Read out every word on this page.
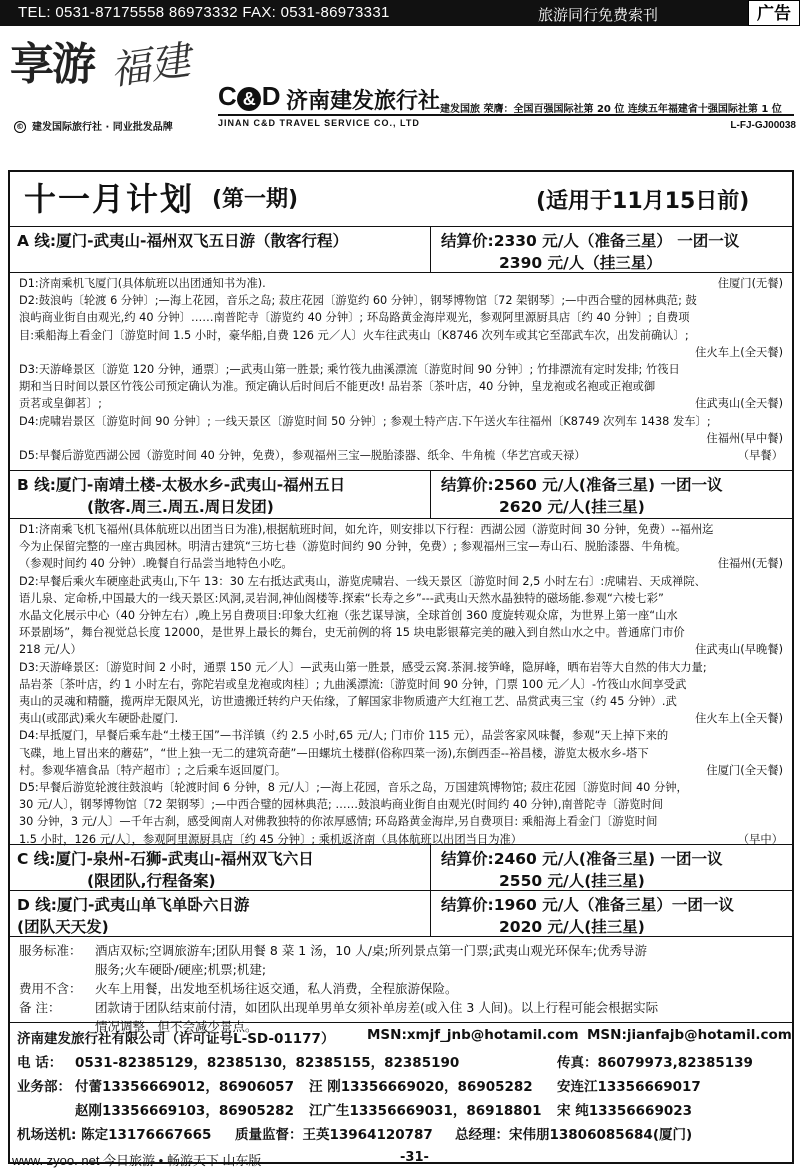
TEL: 0531-87175558 86973332 FAX: 0531-86973331	旅游同行免费索刊	广告
享游 福建
C & D 济南建发旅行社 建发国旅 荣膺：全国百强国际社第 20 位 连续五年福建省十强国际社第 1 位
JINAN C&D TRAVEL SERVICE CO., LTD
© 建发国际旅行社 · 同业批发品牌	L-FJ-GJ00038
十一月计划 (第一期)	(适用于11月15日前)
A 线:厦门-武夷山-福州双飞五日游（散客行程）	结算价:2330 元/人（准备三星） 一团一议
2390 元/人（挂三星）
D1:济南乘机飞厦门(具体航班以出团通知书为准).	住厦门(无餐)
D2:鼓浪屿〔轮渡 6 分钟〕;—海上花园，音乐之岛; 菽庄花园〔游览约 60 分钟〕，钢琴博物馆〔72 架钢琴〕;—中西合璧的园林典范; 鼓
浪屿商业街自由观光,约 40 分钟〕……南普陀寺〔游览约 40 分钟〕; 环岛路黄金海岸观光，参观阿里源厨具店〔约 40 分钟〕; 自费项
目:乘船海上看金门〔游览时间 1.5 小时，豪华船,自费 126 元／人〕火车往武夷山〔K8746 次列车或其它至邵武车次，出发前确认〕;
住火车上(全天餐)
D3:天游峰景区〔游览 120 分钟，通票〕;—武夷山第一胜景; 乘竹筏九曲溪漂流〔游览时间 90 分钟〕; 竹排漂流有定时发排; 竹筏日
期和当日时间以景区竹筏公司预定确认为准。预定确认后时间后不能更改! 品岩茶〔茶叶店，40 分钟，皇龙袍或名袍或正袍或御
贡茗或皇御茗〕;	住武夷山(全天餐)
D4:虎啸岩景区〔游览时间 90 分钟〕; 一线天景区〔游览时间 50 分钟〕; 参观土特产店.下午送火车往福州〔K8749 次列车 1438 发车〕;
住福州(早中餐)
D5:早餐后游览西湖公园（游览时间 40 分钟，免费），参观福州三宝—脱胎漆器、纸伞、牛角梳（华艺宫或天禄）	（早餐）
B 线:厦门-南靖土楼-太极水乡-武夷山-福州五日
(散客.周三.周五.周日发团)
结算价:2560 元/人(准备三星) 一团一议
2620 元/人(挂三星)
D1:济南乘飞机飞福州(具体航班以出团当日为准),根据航班时间，如允许，则安排以下行程：西湖公园（游览时间 30 分钟，免费）--福州迄
今为止保留完整的一座古典园林。明清古建筑“三坊七巷（游览时间约 90 分钟，免费）; 参观福州三宝—寿山石、脱胎漆器、牛角梳。
（参观时间约 40 分钟）.晚餐自行品尝当地特色小吃。	住福州(无餐)
D2:早餐后乘火车硬座赴武夷山,下午 13：30 左右抵达武夷山，游览虎啸岩、一线天景区〔游览时间 2,5 小时左右〕:虎啸岩、天成禅院、
语儿泉、定命桥,中国最大的一线天景区:风洞,灵岩洞,神仙阁楼等.探索“长寿之乡”---武夷山天然水晶独特的磁场能.参观“六棱七彩”
水晶文化展示中心（40 分钟左右）,晚上另自费项目:印象大红袍（张艺谋导演，全球首创 360 度旋转观众席，为世界上第一座“山水
环景剧场”，舞台视觉总长度 12000，是世界上最长的舞台，史无前例的将 15 块电影银幕完美的融入到自然山水之中。普通席门市价
218 元/人）	住武夷山(早晚餐)
D3:天游峰景区:〔游览时间 2 小时，通票 150 元／人〕—武夷山第一胜景，感受云窝.茶洞.接笋峰，隐屏峰，晒布岩等大自然的伟大力量;
品岩茶〔茶叶店，约 1 小时左右，弥陀岩或皇龙袍或肉桂〕; 九曲溪漂流:〔游览时间 90 分钟，门票 100 元／人〕-竹筏山水间享受武
夷山的灵魂和精髓，揽两岸无限风光，访世遗搬迁转约户天佑缘，了解国家非物质遗产大红袍工艺、品赏武夷三宝（约 45 分钟）.武
夷山(或邵武)乘火车硬卧赴厦门.	住火车上(全天餐)
D4:早抵厦门，早餐后乘车赴“土楼王国”—书洋镇（约 2.5 小时,65 元/人; 门市价 115 元），品尝客家风味餐，参观“天上掉下来的
飞碟，地上冒出来的蘑菇”，“世上独一无二的建筑奇葩”—田螺坑土楼群(俗称四菜一汤),东倒西歪--裕昌楼，游览太极水乡-塔下
村。参观华禧食品〔特产超市〕; 之后乘车返回厦门。	住厦门(全天餐)
D5:早餐后游览轮渡往鼓浪屿〔轮渡时间 6 分钟，8 元/人〕;—海上花园，音乐之岛，万国建筑博物馆; 菽庄花园〔游览时间 40 分钟，
30 元/人〕，钢琴博物馆〔72 架钢琴〕;—中西合璧的园林典范; ……鼓浪屿商业街自由观光(时间约 40 分钟),南普陀寺〔游览时间
30 分钟，3 元/人〕—千年古刹，感受闽南人对佛教独特的你浓厚感情; 环岛路黄金海岸,另自费项目: 乘船海上看金门〔游览时间
1.5 小时，126 元/人〕，参观阿里源厨具店〔约 45 分钟〕; 乘机返济南（具体航班以出团当日为准）	（早中）
C 线:厦门-泉州-石狮-武夷山-福州双飞六日
(限团队,行程备案)
结算价:2460 元/人(准备三星) 一团一议
2550 元/人(挂三星)
D 线:厦门-武夷山单飞单卧六日游
(团队天天发)
结算价:1960 元/人（准备三星）一团一议
2020 元/人(挂三星)
服务标准： 酒店双标;空调旅游车;团队用餐 8 菜 1 汤，10 人/桌;所列景点第一门票;武夷山观光环保车;优秀导游
服务;火车硬卧/硬座;机票;机建;
费用不含： 火车上用餐，出发地至机场往返交通，私人消费，全程旅游保险。
备 注：	团款请于团队结束前付清，如团队出现单男单女须补单房差(或入住 3 人间)。以上行程可能会根据实际
情况调整，但不会减少景点。
济南建发旅行社有限公司（许可证号L-SD-01177） MSN:xmjf_jnb@hotamil.com MSN:jianfajb@hotamil.com
电 话： 0531-82385129，82385130，82385155，82385190	传真：86079973,82385139
业务部： 付蕾13356669012，86906057 汪 刚13356669020，86905282 安连江13356669017
赵刚13356669103，86905282 江广生13356669031，86918801 宋 纯13356669023
机场送机: 陈定13176667665 质量监督：王英13964120787 总经理：宋伟朋13806085684(厦门)
www. zyoo. net 今日旅游 • 畅游天下 山东版	-31-
